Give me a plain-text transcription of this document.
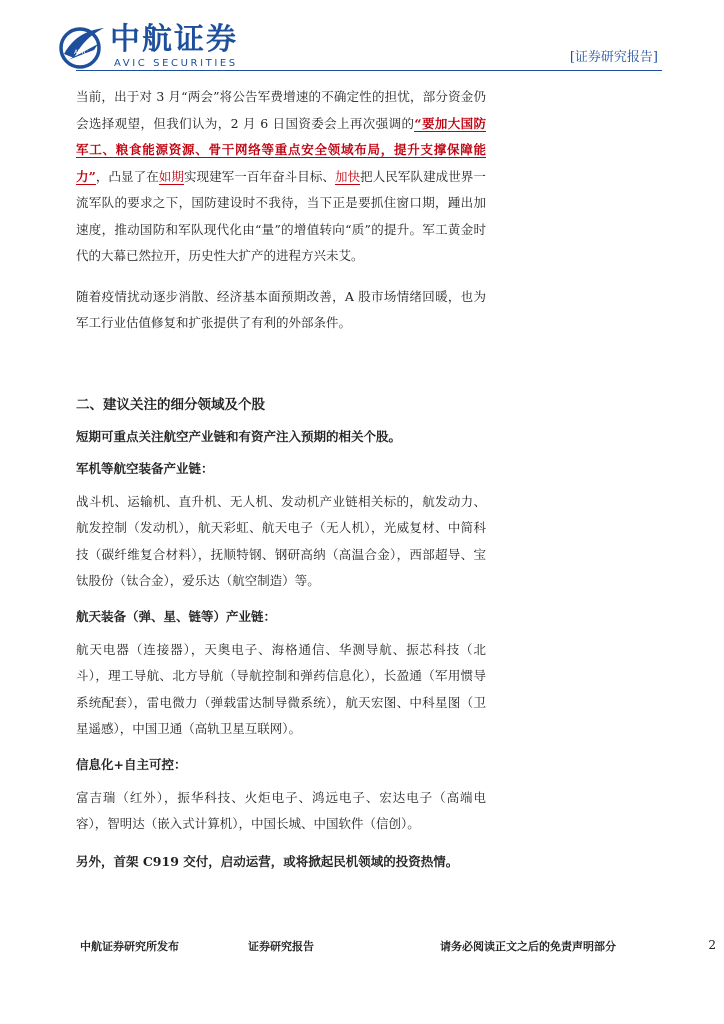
AVIC 中航证券
AVIC SECURITIES	[证券研究报告]

当前，出于对 3 月“两会”将公告军费增速的不确定性的担忧，部分资金仍会选择观望，但我们认为，2 月 6 日国资委会上再次强调的“要加大国防军工、粮食能源资源、骨干网络等重点安全领域布局，提升支撑保障能力”，凸显了在如期实现建军一百年奋斗目标、加快把人民军队建成世界一流军队的要求之下，国防建设时不我待，当下正是要抓住窗口期，踵出加速度，推动国防和军队现代化由“量”的增值转向“质”的提升。军工黄金时代的大幕已然拉开，历史性大扩产的进程方兴未艾。

随着疫情扰动逐步消散、经济基本面预期改善，A 股市场情绪回暖，也为军工行业估值修复和扩张提供了有利的外部条件。

二、建议关注的细分领域及个股

短期可重点关注航空产业链和有资产注入预期的相关个股。

军机等航空装备产业链：

战斗机、运输机、直升机、无人机、发动机产业链相关标的，航发动力、航发控制（发动机），航天彩虹、航天电子（无人机），光威复材、中简科技（碳纤维复合材料），抚顺特钢、钢研高纳（高温合金），西部超导、宝钛股份（钛合金），爱乐达（航空制造）等。

航天装备（弹、星、链等）产业链：

航天电器（连接器），天奥电子、海格通信、华测导航、振芯科技（北斗），理工导航、北方导航（导航控制和弹药信息化），长盈通（军用惯导系统配套），雷电微力（弹载雷达制导微系统），航天宏图、中科星图（卫星遥感），中国卫通（高轨卫星互联网）。

信息化+自主可控：

富吉瑞（红外），振华科技、火炬电子、鸿远电子、宏达电子（高端电容），智明达（嵌入式计算机），中国长城、中国软件（信创）。

另外，首架 C919 交付，启动运营，或将掀起民机领域的投资热情。

中航证券研究所发布	证券研究报告	请务必阅读正文之后的免责声明部分	2
